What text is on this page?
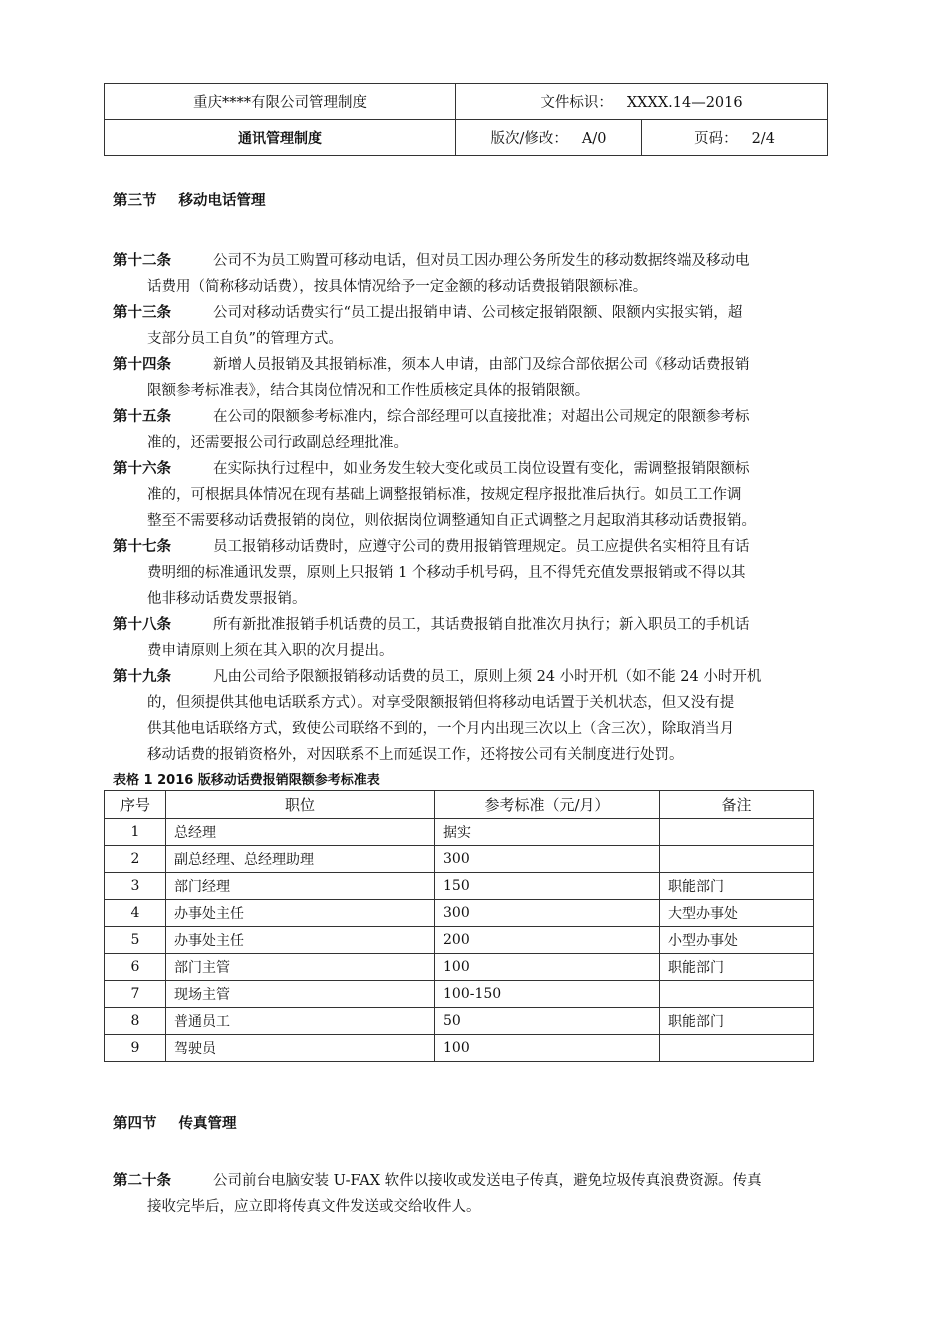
重庆****有限公司管理制度	文件标识： XXXX.14—2016	
通讯管理制度	版次/修改： A/0	页码： 2/4
第三节 移动电话管理
第十二条	公司不为员工购置可移动电话，但对员工因办理公务所发生的移动数据终端及移动电
话费用（简称移动话费），按具体情况给予一定金额的移动话费报销限额标准。
第十三条	公司对移动话费实行“员工提出报销申请、公司核定报销限额、限额内实报实销，超
支部分员工自负”的管理方式。
第十四条	新增人员报销及其报销标准，须本人申请，由部门及综合部依据公司《移动话费报销
限额参考标准表》，结合其岗位情况和工作性质核定具体的报销限额。
第十五条	在公司的限额参考标准内，综合部经理可以直接批准；对超出公司规定的限额参考标
准的，还需要报公司行政副总经理批准。
第十六条	在实际执行过程中，如业务发生较大变化或员工岗位设置有变化，需调整报销限额标
准的，可根据具体情况在现有基础上调整报销标准，按规定程序报批准后执行。如员工工作调
整至不需要移动话费报销的岗位，则依据岗位调整通知自正式调整之月起取消其移动话费报销。
第十七条	员工报销移动话费时，应遵守公司的费用报销管理规定。员工应提供名实相符且有话
费明细的标准通讯发票，原则上只报销 1 个移动手机号码，且不得凭充值发票报销或不得以其
他非移动话费发票报销。
第十八条	所有新批准报销手机话费的员工，其话费报销自批准次月执行；新入职员工的手机话
费申请原则上须在其入职的次月提出。
第十九条	凡由公司给予限额报销移动话费的员工，原则上须 24 小时开机（如不能 24 小时开机
的，但须提供其他电话联系方式）。对享受限额报销但将移动电话置于关机状态，但又没有提
供其他电话联络方式，致使公司联络不到的，一个月内出现三次以上（含三次），除取消当月
移动话费的报销资格外，对因联系不上而延误工作，还将按公司有关制度进行处罚。
表格 1 2016 版移动话费报销限额参考标准表
序号	职位	参考标准（元/月）	备注
1	总经理	据实	
2	副总经理、总经理助理	300	
3	部门经理	150	职能部门
4	办事处主任	300	大型办事处
5	办事处主任	200	小型办事处
6	部门主管	100	职能部门
7	现场主管	100-150	
8	普通员工	50	职能部门
9	驾驶员	100	
第四节 传真管理
第二十条	公司前台电脑安装 U-FAX 软件以接收或发送电子传真，避免垃圾传真浪费资源。传真
接收完毕后，应立即将传真文件发送或交给收件人。
